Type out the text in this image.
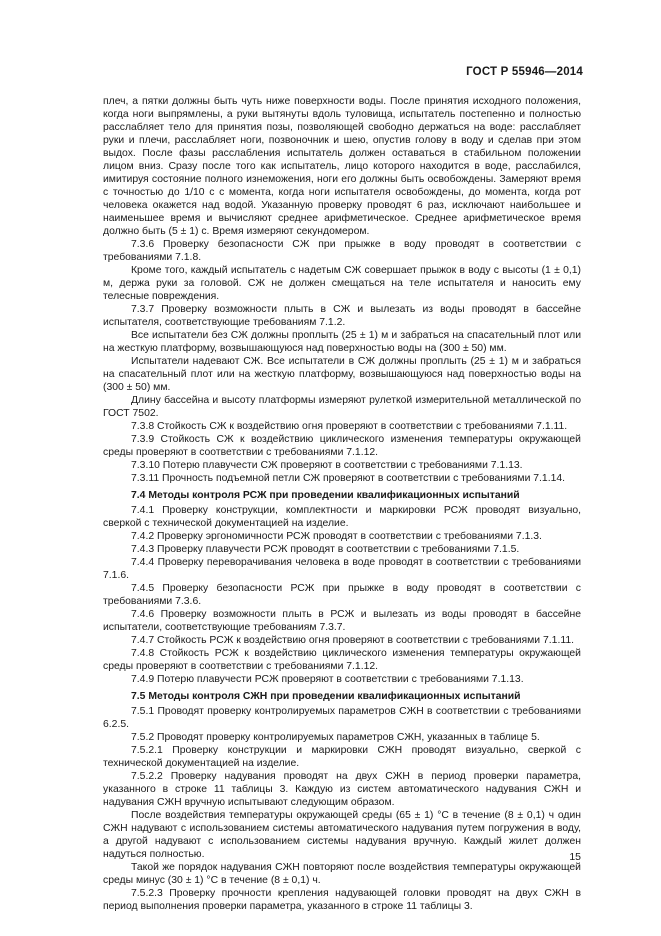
ГОСТ Р 55946—2014

плеч, а пятки должны быть чуть ниже поверхности воды. После принятия исходного положения, когда ноги выпрямлены, а руки вытянуты вдоль туловища, испытатель постепенно и полностью расслабляет тело для принятия позы, позволяющей свободно держаться на воде: расслабляет руки и плечи, расслабляет ноги, позвоночник и шею, опустив голову в воду и сделав при этом выдох. После фазы расслабления испытатель должен оставаться в стабильном положении лицом вниз. Сразу после того как испытатель, лицо которого находится в воде, расслабился, имитируя состояние полного изнеможения, ноги его должны быть освобождены. Замеряют время с точностью до 1/10 с с момента, когда ноги испытателя освобождены, до момента, когда рот человека окажется над водой. Указанную проверку проводят 6 раз, исключают наибольшее и наименьшее время и вычисляют среднее арифметическое. Среднее арифметическое время должно быть (5 ± 1) с. Время измеряют секундомером.

7.3.6 Проверку безопасности СЖ при прыжке в воду проводят в соответствии с требованиями 7.1.8.

Кроме того, каждый испытатель с надетым СЖ совершает прыжок в воду с высоты (1 ± 0,1) м, держа руки за головой. СЖ не должен смещаться на теле испытателя и наносить ему телесные повреждения.

7.3.7 Проверку возможности плыть в СЖ и вылезать из воды проводят в бассейне испытателя, соответствующие требованиям 7.1.2.

Все испытатели без СЖ должны проплыть (25 ± 1) м и забраться на спасательный плот или на жесткую платформу, возвышающуюся над поверхностью воды на (300 ± 50) мм.

Испытатели надевают СЖ. Все испытатели в СЖ должны проплыть (25 ± 1) м и забраться на спасательный плот или на жесткую платформу, возвышающуюся над поверхностью воды на (300 ± 50) мм.

Длину бассейна и высоту платформы измеряют рулеткой измерительной металлической по ГОСТ 7502.

7.3.8 Стойкость СЖ к воздействию огня проверяют в соответствии с требованиями 7.1.11.

7.3.9 Стойкость СЖ к воздействию циклического изменения температуры окружающей среды проверяют в соответствии с требованиями 7.1.12.

7.3.10 Потерю плавучести СЖ проверяют в соответствии с требованиями 7.1.13.

7.3.11 Прочность подъемной петли СЖ проверяют в соответствии с требованиями 7.1.14.

7.4 Методы контроля РСЖ при проведении квалификационных испытаний

7.4.1 Проверку конструкции, комплектности и маркировки РСЖ проводят визуально, сверкой с технической документацией на изделие.

7.4.2 Проверку эргономичности РСЖ проводят в соответствии с требованиями 7.1.3.

7.4.3 Проверку плавучести РСЖ проводят в соответствии с требованиями 7.1.5.

7.4.4 Проверку переворачивания человека в воде проводят в соответствии с требованиями 7.1.6.

7.4.5 Проверку безопасности РСЖ при прыжке в воду проводят в соответствии с требованиями 7.3.6.

7.4.6 Проверку возможности плыть в РСЖ и вылезать из воды проводят в бассейне испытатели, соответствующие требованиям 7.3.7.

7.4.7 Стойкость РСЖ к воздействию огня проверяют в соответствии с требованиями 7.1.11.

7.4.8 Стойкость РСЖ к воздействию циклического изменения температуры окружающей среды проверяют в соответствии с требованиями 7.1.12.

7.4.9 Потерю плавучести РСЖ проверяют в соответствии с требованиями 7.1.13.

7.5 Методы контроля СЖН при проведении квалификационных испытаний

7.5.1 Проводят проверку контролируемых параметров СЖН в соответствии с требованиями 6.2.5.

7.5.2 Проводят проверку контролируемых параметров СЖН, указанных в таблице 5.

7.5.2.1 Проверку конструкции и маркировки СЖН проводят визуально, сверкой с технической документацией на изделие.

7.5.2.2 Проверку надувания проводят на двух СЖН в период проверки параметра, указанного в строке 11 таблицы 3. Каждую из систем автоматического надувания СЖН и надувания СЖН вручную испытывают следующим образом.

После воздействия температуры окружающей среды (65 ± 1) °С в течение (8 ± 0,1) ч один СЖН надувают с использованием системы автоматического надувания путем погружения в воду, а другой надувают с использованием системы надувания вручную. Каждый жилет должен надуться полностью.

Такой же порядок надувания СЖН повторяют после воздействия температуры окружающей среды минус (30 ± 1) °С в течение (8 ± 0,1) ч.

7.5.2.3 Проверку прочности крепления надувающей головки проводят на двух СЖН в период выполнения проверки параметра, указанного в строке 11 таблицы 3.

15
